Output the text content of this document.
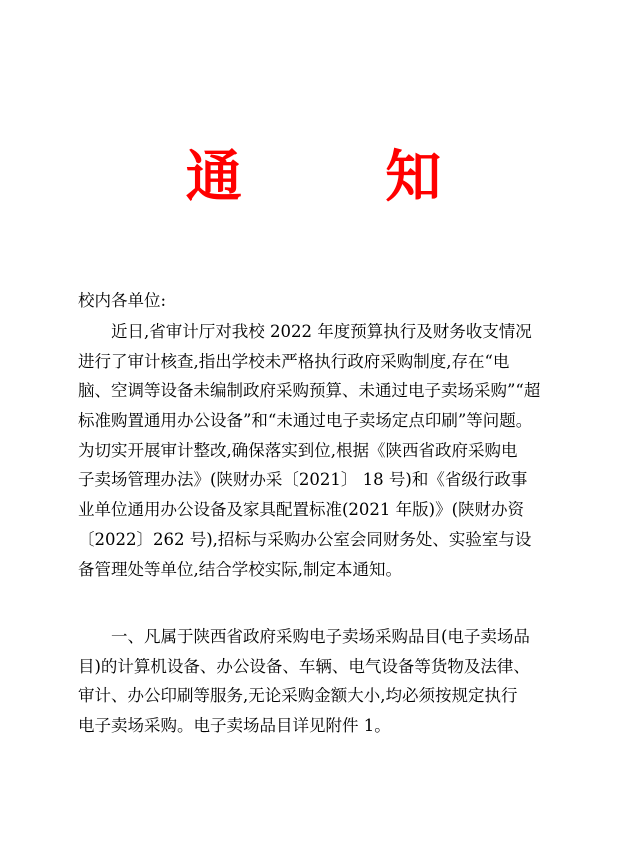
通 知
校内各单位:
近日,省审计厅对我校 2022 年度预算执行及财务收支情况
进行了审计核查,指出学校未严格执行政府采购制度,存在“电
脑、空调等设备未编制政府采购预算、未通过电子卖场采购”“超
标准购置通用办公设备”和“未通过电子卖场定点印刷”等问题。
为切实开展审计整改,确保落实到位,根据《陕西省政府采购电
子卖场管理办法》(陕财办采〔2021〕 18 号)和《省级行政事
业单位通用办公设备及家具配置标准(2021 年版)》(陕财办资
〔2022〕262 号),招标与采购办公室会同财务处、实验室与设
备管理处等单位,结合学校实际,制定本通知。
一、凡属于陕西省政府采购电子卖场采购品目(电子卖场品
目)的计算机设备、办公设备、车辆、电气设备等货物及法律、
审计、办公印刷等服务,无论采购金额大小,均必须按规定执行
电子卖场采购。电子卖场品目详见附件 1。
